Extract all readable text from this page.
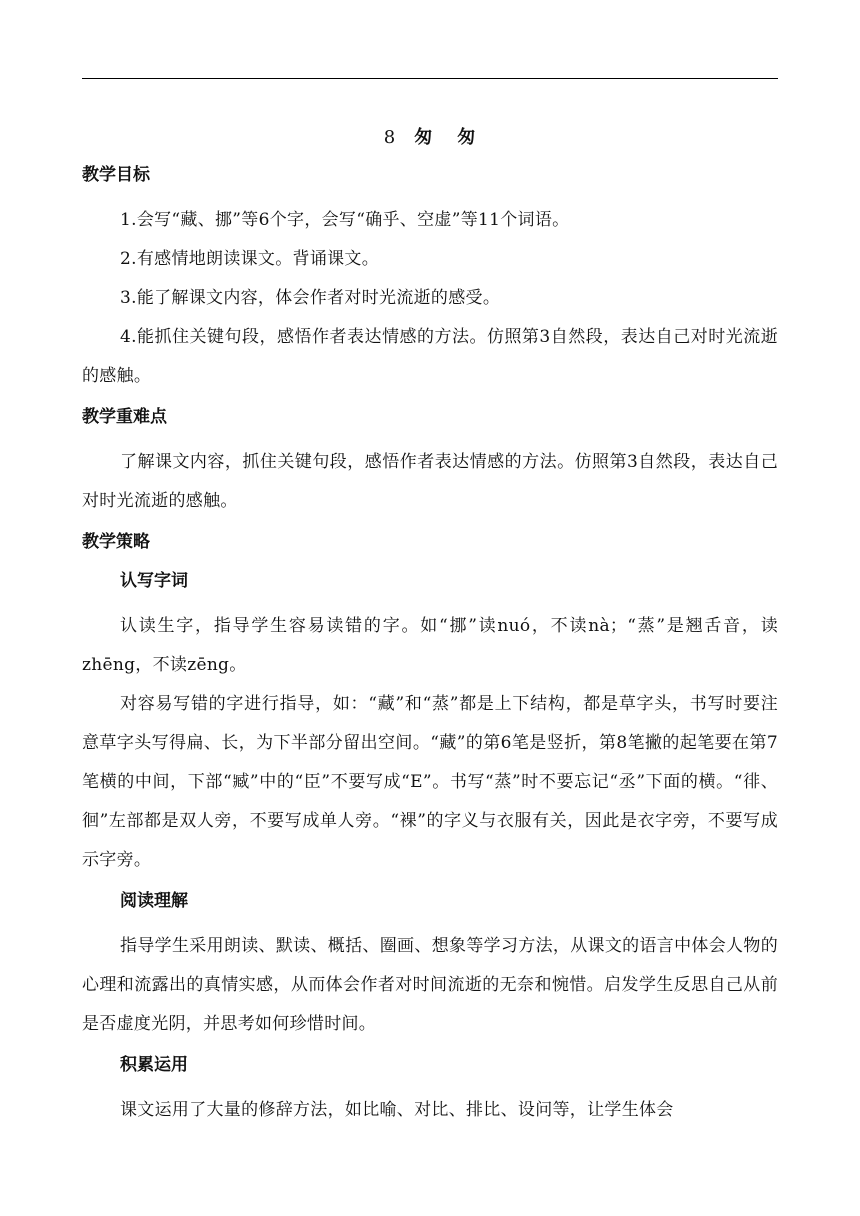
8 匆 匆
教学目标

1.会写“藏、挪”等6个字，会写“确乎、空虚”等11个词语。

2.有感情地朗读课文。背诵课文。

3.能了解课文内容，体会作者对时光流逝的感受。

4.能抓住关键句段，感悟作者表达情感的方法。仿照第3自然段，表达自己对时光流逝的感触。

教学重难点

了解课文内容，抓住关键句段，感悟作者表达情感的方法。仿照第3自然段，表达自己对时光流逝的感触。

教学策略
认写字词

认读生字，指导学生容易读错的字。如“挪”读nuó，不读nà；“蒸”是翘舌音，读zhēng，不读zēng。

对容易写错的字进行指导，如：“藏”和“蒸”都是上下结构，都是草字头，书写时要注意草字头写得扁、长，为下半部分留出空间。“藏”的第6笔是竖折，第8笔撇的起笔要在第7笔横的中间，下部“臧”中的“臣”不要写成“E”。书写“蒸”时不要忘记“丞”下面的横。“徘、徊”左部都是双人旁，不要写成单人旁。“裸”的字义与衣服有关，因此是衣字旁，不要写成示字旁。

阅读理解

指导学生采用朗读、默读、概括、圈画、想象等学习方法，从课文的语言中体会人物的心理和流露出的真情实感，从而体会作者对时间流逝的无奈和惋惜。启发学生反思自己从前是否虚度光阴，并思考如何珍惜时间。

积累运用

课文运用了大量的修辞方法，如比喻、对比、排比、设问等，让学生体会
